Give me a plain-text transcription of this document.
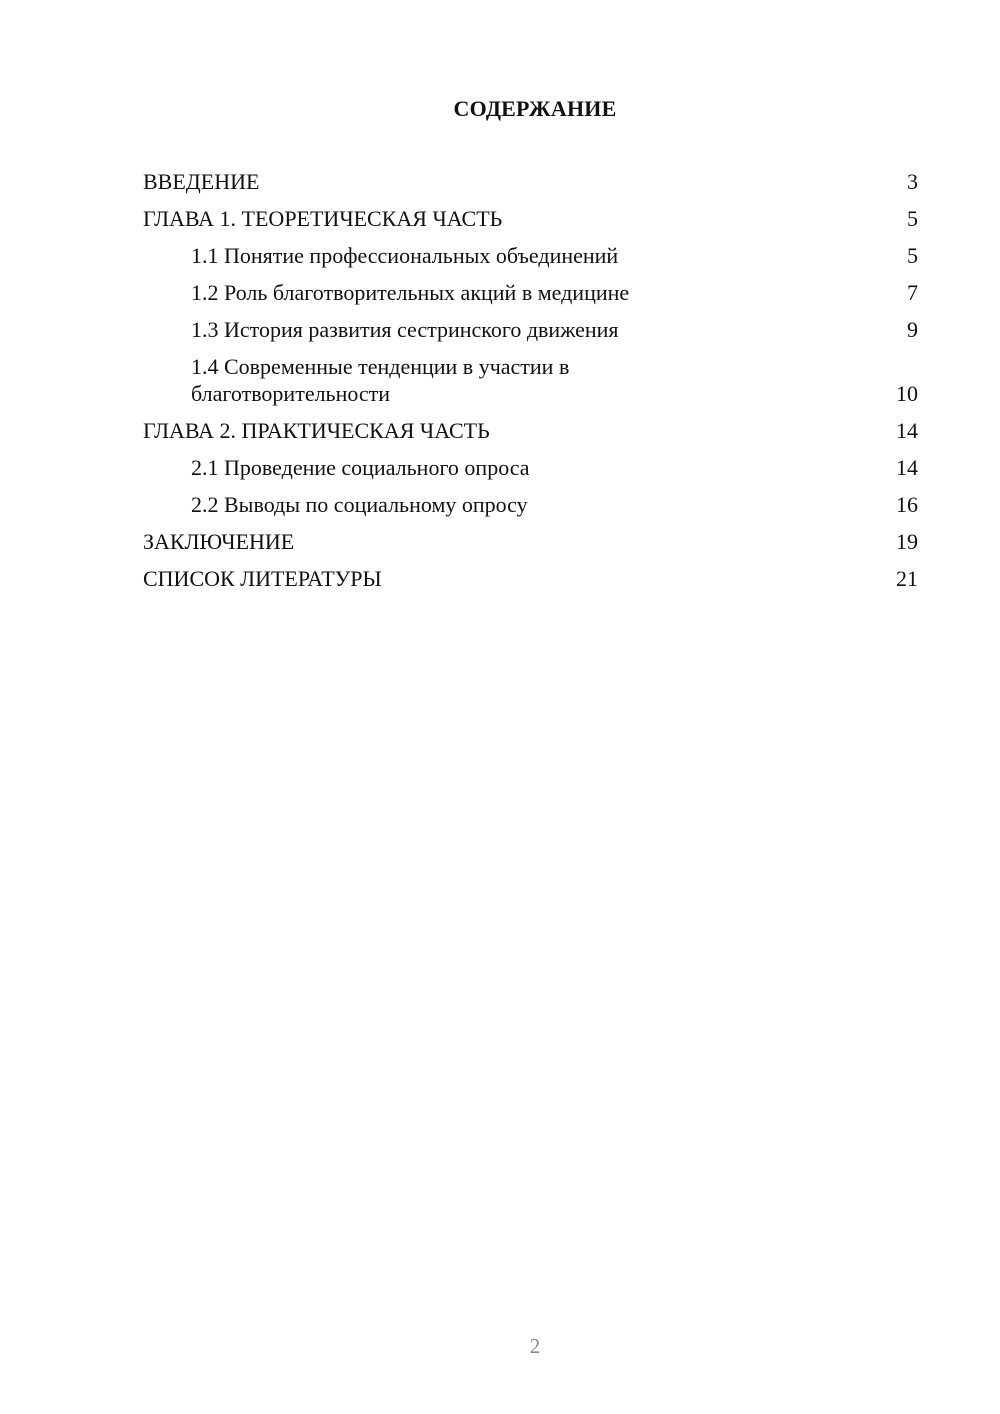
СОДЕРЖАНИЕ
ВВЕДЕНИЕ	3
ГЛАВА 1. ТЕОРЕТИЧЕСКАЯ ЧАСТЬ	5
1.1 Понятие профессиональных объединений	5
1.2 Роль благотворительных акций в медицине	7
1.3 История развития сестринского движения	9
1.4 Современные тенденции в участии в благотворительности	10
ГЛАВА 2. ПРАКТИЧЕСКАЯ ЧАСТЬ	14
2.1 Проведение социального опроса	14
2.2 Выводы по социальному опросу	16
ЗАКЛЮЧЕНИЕ	19
СПИСОК ЛИТЕРАТУРЫ	21
2
